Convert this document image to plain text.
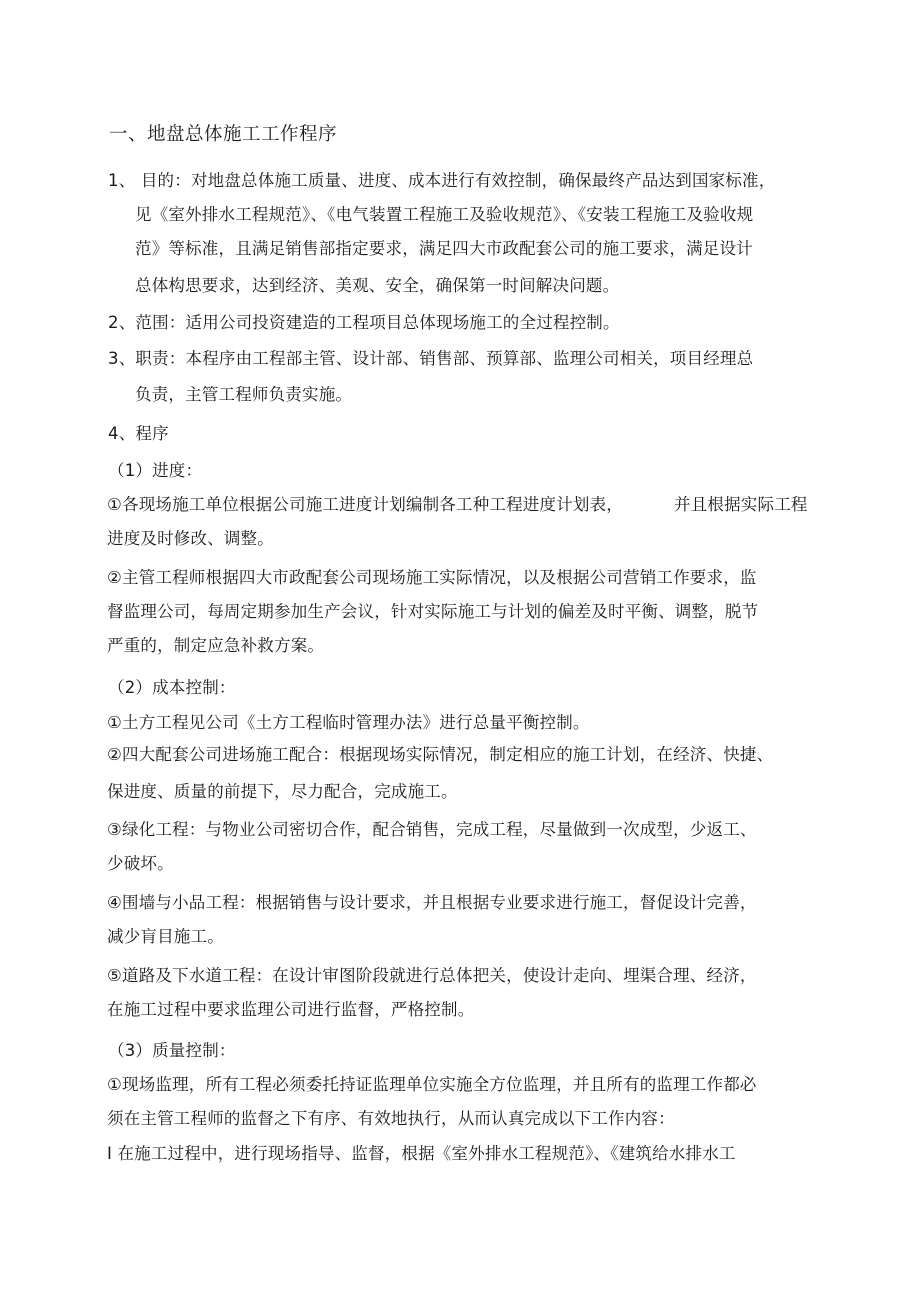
一、地盘总体施工工作程序
1、 目的：对地盘总体施工质量、进度、成本进行有效控制，确保最终产品达到国家标准，
见《室外排水工程规范》、《电气装置工程施工及验收规范》、《安装工程施工及验收规
范》等标准，且满足销售部指定要求，满足四大市政配套公司的施工要求，满足设计
总体构思要求，达到经济、美观、安全，确保第一时间解决问题。
2、范围：适用公司投资建造的工程项目总体现场施工的全过程控制。
3、职责：本程序由工程部主管、设计部、销售部、预算部、监理公司相关，项目经理总
负责，主管工程师负责实施。
4、程序
（1）进度：
①各现场施工单位根据公司施工进度计划编制各工种工程进度计划表，	并且根据实际工程
进度及时修改、调整。
②主管工程师根据四大市政配套公司现场施工实际情况，以及根据公司营销工作要求，监
督监理公司，每周定期参加生产会议，针对实际施工与计划的偏差及时平衡、调整，脱节
严重的，制定应急补救方案。
（2）成本控制：
①土方工程见公司《土方工程临时管理办法》进行总量平衡控制。
②四大配套公司进场施工配合：根据现场实际情况，制定相应的施工计划，在经济、快捷、
保进度、质量的前提下，尽力配合，完成施工。
③绿化工程：与物业公司密切合作，配合销售，完成工程，尽量做到一次成型，少返工、
少破坏。
④围墙与小品工程：根据销售与设计要求，并且根据专业要求进行施工，督促设计完善，
减少肓目施工。
⑤道路及下水道工程：在设计审图阶段就进行总体把关，使设计走向、埋渠合理、经济，
在施工过程中要求监理公司进行监督，严格控制。
（3）质量控制：
①现场监理，所有工程必须委托持证监理单位实施全方位监理，并且所有的监理工作都必
须在主管工程师的监督之下有序、有效地执行，从而认真完成以下工作内容：
I 在施工过程中，进行现场指导、监督，根据《室外排水工程规范》、《建筑给水排水工
